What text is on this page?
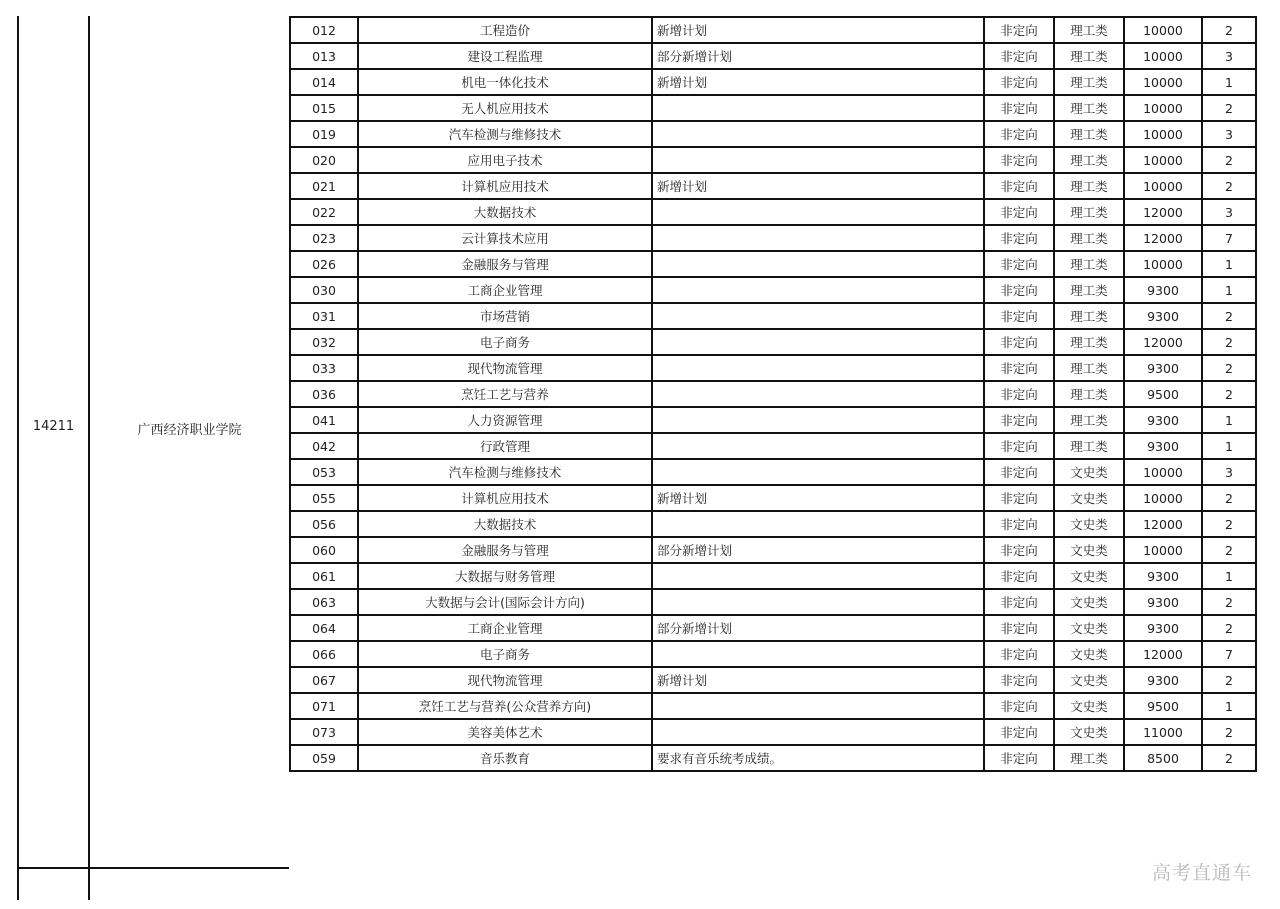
14211	广西经济职业学院
012	工程造价	新增计划	非定向	理工类	10000	2
013	建设工程监理	部分新增计划	非定向	理工类	10000	3
014	机电一体化技术	新增计划	非定向	理工类	10000	1
015	无人机应用技术		非定向	理工类	10000	2
019	汽车检测与维修技术		非定向	理工类	10000	3
020	应用电子技术		非定向	理工类	10000	2
021	计算机应用技术	新增计划	非定向	理工类	10000	2
022	大数据技术		非定向	理工类	12000	3
023	云计算技术应用		非定向	理工类	12000	7
026	金融服务与管理		非定向	理工类	10000	1
030	工商企业管理		非定向	理工类	9300	1
031	市场营销		非定向	理工类	9300	2
032	电子商务		非定向	理工类	12000	2
033	现代物流管理		非定向	理工类	9300	2
036	烹饪工艺与营养		非定向	理工类	9500	2
041	人力资源管理		非定向	理工类	9300	1
042	行政管理		非定向	理工类	9300	1
053	汽车检测与维修技术		非定向	文史类	10000	3
055	计算机应用技术	新增计划	非定向	文史类	10000	2
056	大数据技术		非定向	文史类	12000	2
060	金融服务与管理	部分新增计划	非定向	文史类	10000	2
061	大数据与财务管理		非定向	文史类	9300	1
063	大数据与会计(国际会计方向)		非定向	文史类	9300	2
064	工商企业管理	部分新增计划	非定向	文史类	9300	2
066	电子商务		非定向	文史类	12000	7
067	现代物流管理	新增计划	非定向	文史类	9300	2
071	烹饪工艺与营养(公众营养方向)		非定向	文史类	9500	1
073	美容美体艺术		非定向	文史类	11000	2
059	音乐教育	要求有音乐统考成绩。	非定向	理工类	8500	2
高考直通车
